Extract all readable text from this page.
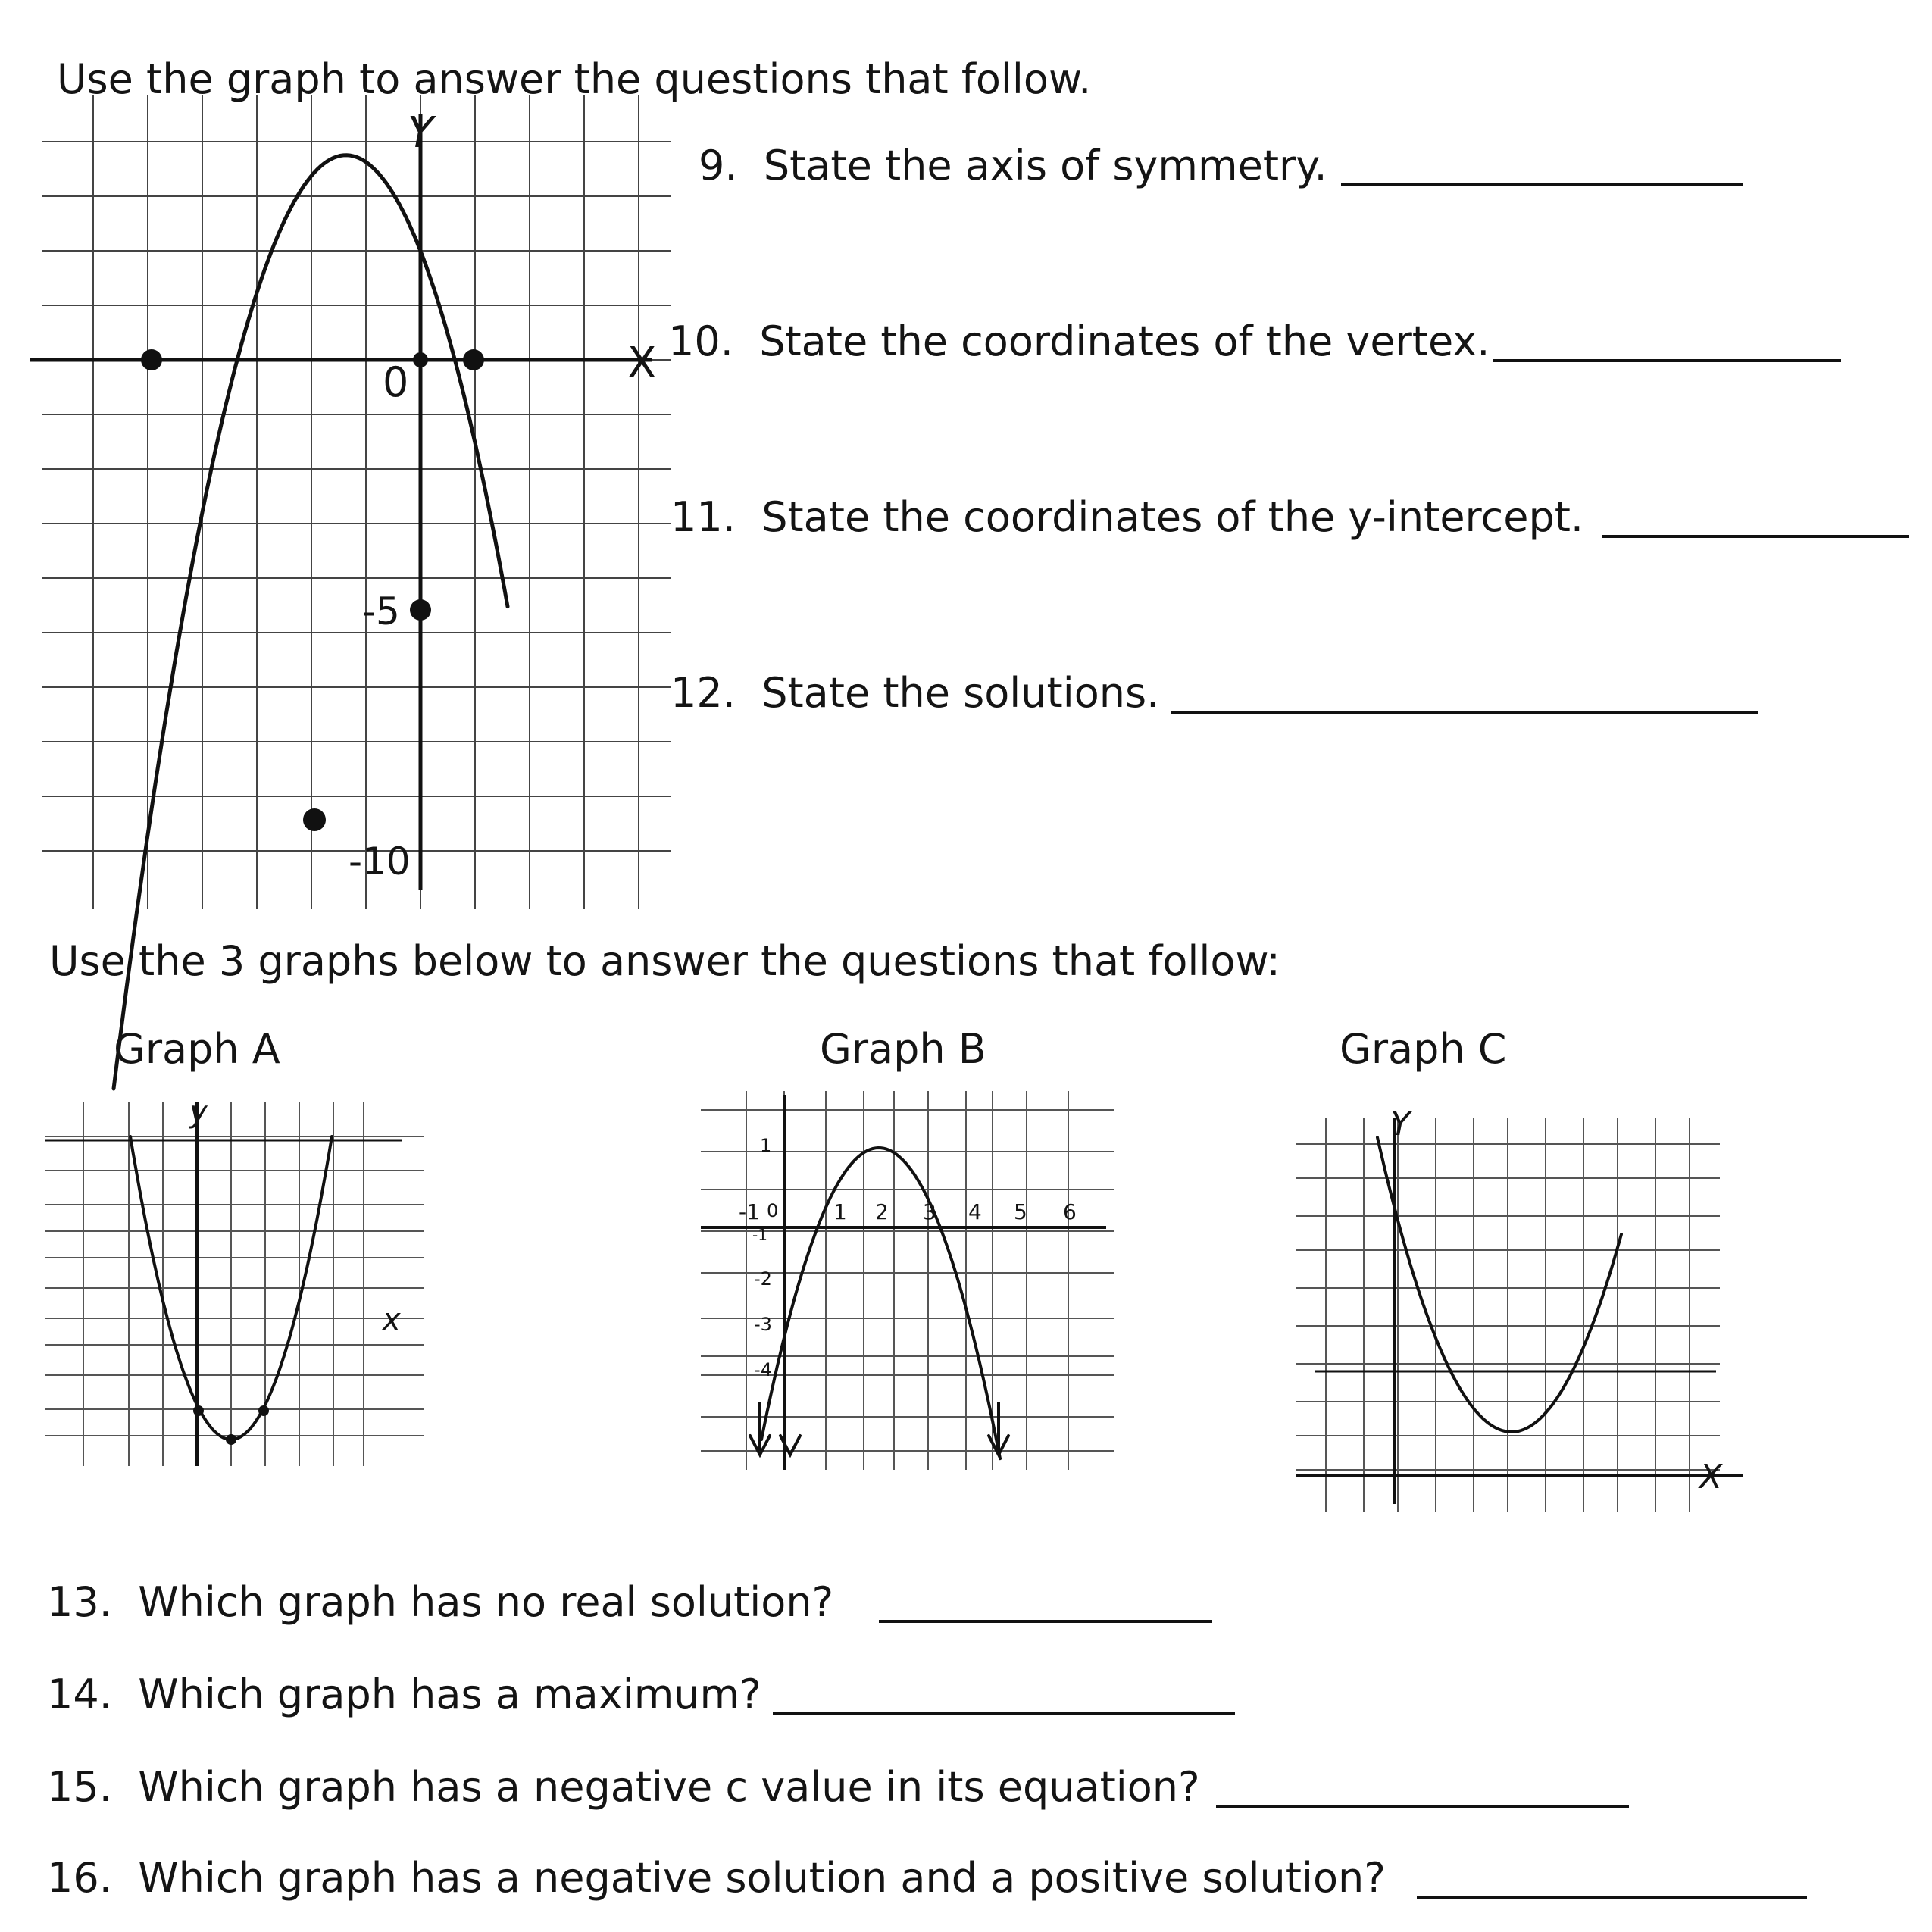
Use the graph to answer the questions that follow.
0
-5
-10
Y
X
9. State the axis of symmetry.
10. State the coordinates of the vertex.
11. State the coordinates of the y-intercept.
12. State the solutions.
Use the 3 graphs below to answer the questions that follow:
Graph A	Graph B	Graph C
y
x
-1 0	1 2 3 4 5 6
1
-1
-2
-3
-4
Y
X
13. Which graph has no real solution?
14. Which graph has a maximum?
15. Which graph has a negative c value in its equation?
16. Which graph has a negative solution and a positive solution?
